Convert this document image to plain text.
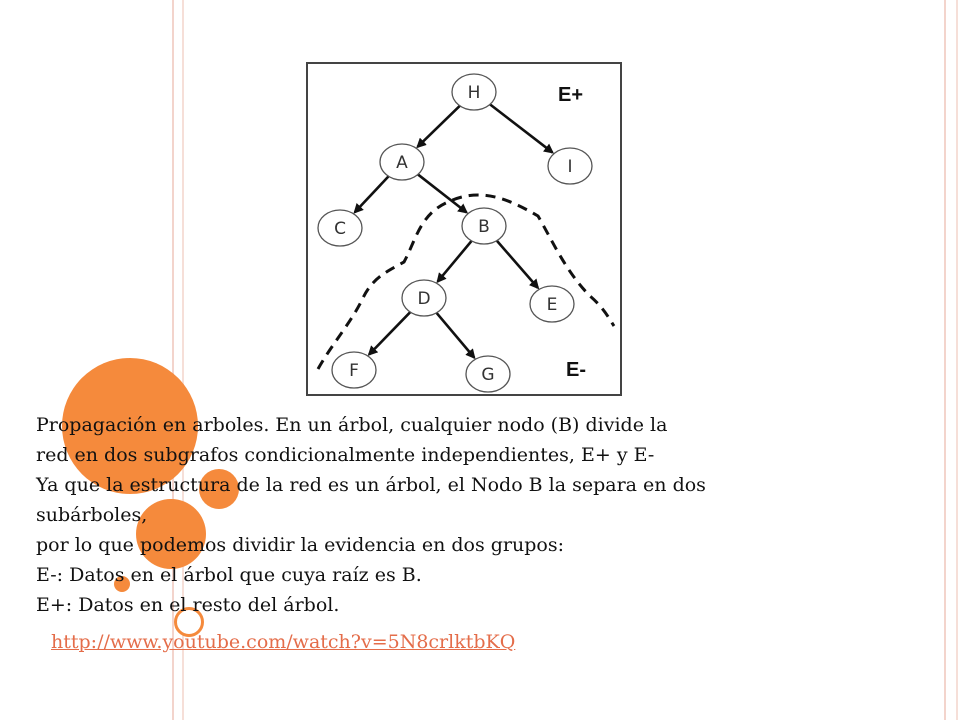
H
I
A
C	B
E
D
F	G
E+
E-

Propagación en arboles. En un árbol, cualquier nodo (B) divide la

red en dos subgrafos condicionalmente independientes, E+ y E-

Ya que la estructura de la red es un árbol, el Nodo B la separa en dos

subárboles,

por lo que podemos dividir la evidencia en dos grupos:

E-: Datos en el árbol que cuya raíz es B.

E+: Datos en el resto del árbol.

http://www.youtube.com/watch?v=5N8crlktbKQ
